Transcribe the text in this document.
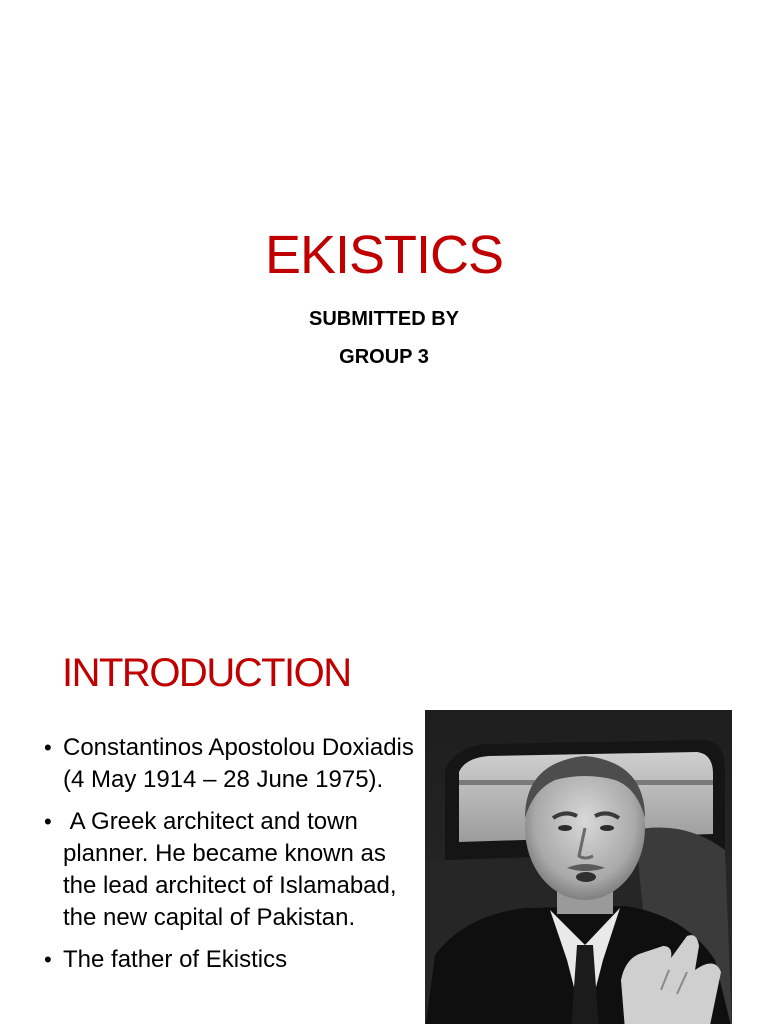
EKISTICS
SUBMITTED BY
GROUP 3
INTRODUCTION
• Constantinos Apostolou Doxiadis (4 May 1914 – 28 June 1975).
• A Greek architect and town planner. He became known as the lead architect of Islamabad, the new capital of Pakistan.
• The father of Ekistics
